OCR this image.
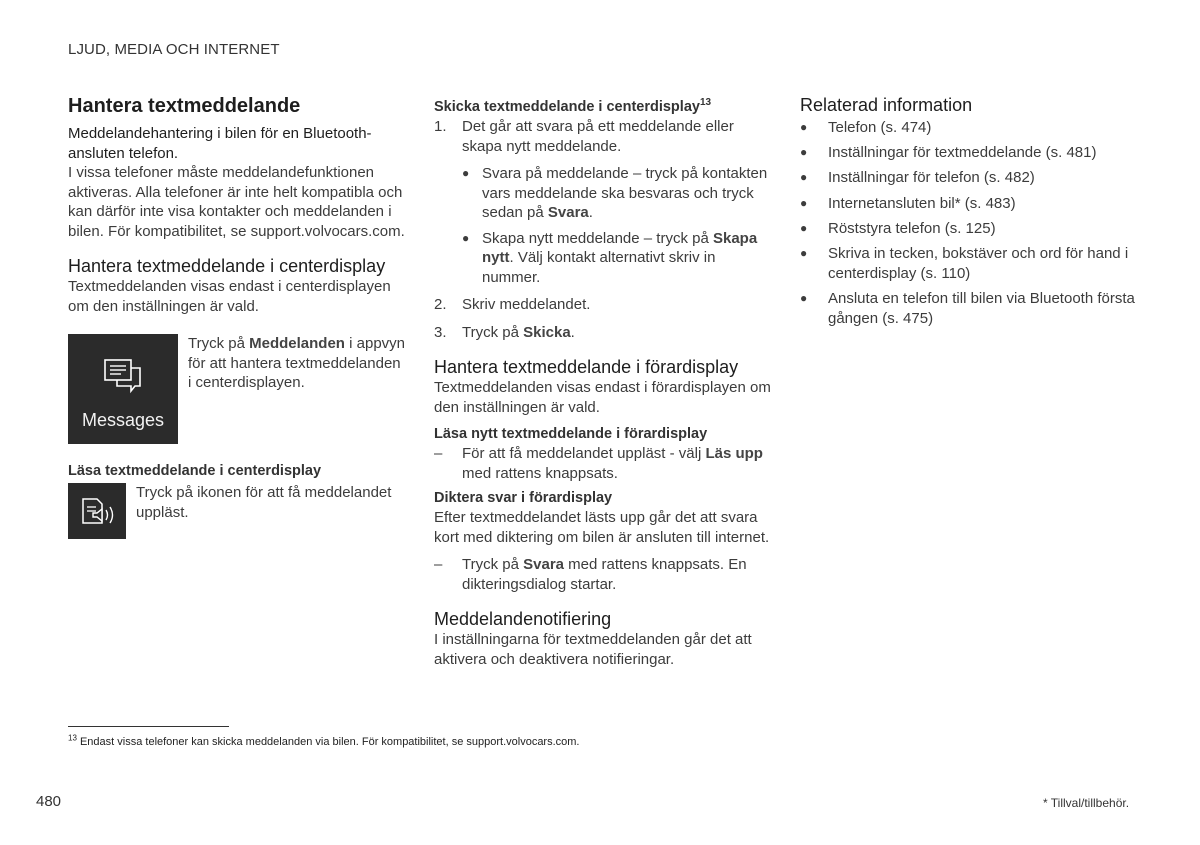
LJUD, MEDIA OCH INTERNET
Hantera textmeddelande

Meddelandehantering i bilen för en Bluetooth-ansluten telefon.

I vissa telefoner måste meddelandefunktionen aktiveras. Alla telefoner är inte helt kompatibla och kan därför inte visa kontakter och meddelanden i bilen. För kompatibilitet, se support.volvocars.com.

Hantera textmeddelande i centerdisplay

Textmeddelanden visas endast i centerdisplayen om den inställningen är vald.

Messages

Tryck på Meddelanden i appvyn för att hantera textmeddelanden i centerdisplayen.

Läsa textmeddelande i centerdisplay

Tryck på ikonen för att få meddelandet uppläst.

Skicka textmeddelande i centerdisplay$^{13}$
1.	Det går att svara på ett meddelande eller skapa nytt meddelande.
● Svara på meddelande – tryck på kontakten vars meddelande ska besvaras och tryck sedan på Svara.
● Skapa nytt meddelande – tryck på Skapa nytt. Välj kontakt alternativt skriv in nummer.
2.	Skriv meddelandet.
3.	Tryck på Skicka.
Hantera textmeddelande i förardisplay

Textmeddelanden visas endast i förardisplayen om den inställningen är vald.

Läsa nytt textmeddelande i förardisplay
–	För att få meddelandet uppläst - välj Läs upp med rattens knappsats.
Diktera svar i förardisplay

Efter textmeddelandet lästs upp går det att svara kort med diktering om bilen är ansluten till internet.

–	Tryck på Svara med rattens knappsats. En dikteringsdialog startar.
Meddelandenotifiering

I inställningarna för textmeddelanden går det att aktivera och deaktivera notifieringar.

Relaterad information
●	Telefon (s. 474)
●	Inställningar för textmeddelande (s. 481)
●	Inställningar för telefon (s. 482)
●	Internetansluten bil* (s. 483)
●	Röststyra telefon (s. 125)
●	Skriva in tecken, bokstäver och ord för hand i centerdisplay (s. 110)
●	Ansluta en telefon till bilen via Bluetooth första gången (s. 475)
$^{13}$ Endast vissa telefoner kan skicka meddelanden via bilen. För kompatibilitet, se support.volvocars.com.
480	* Tillval/tillbehör.
